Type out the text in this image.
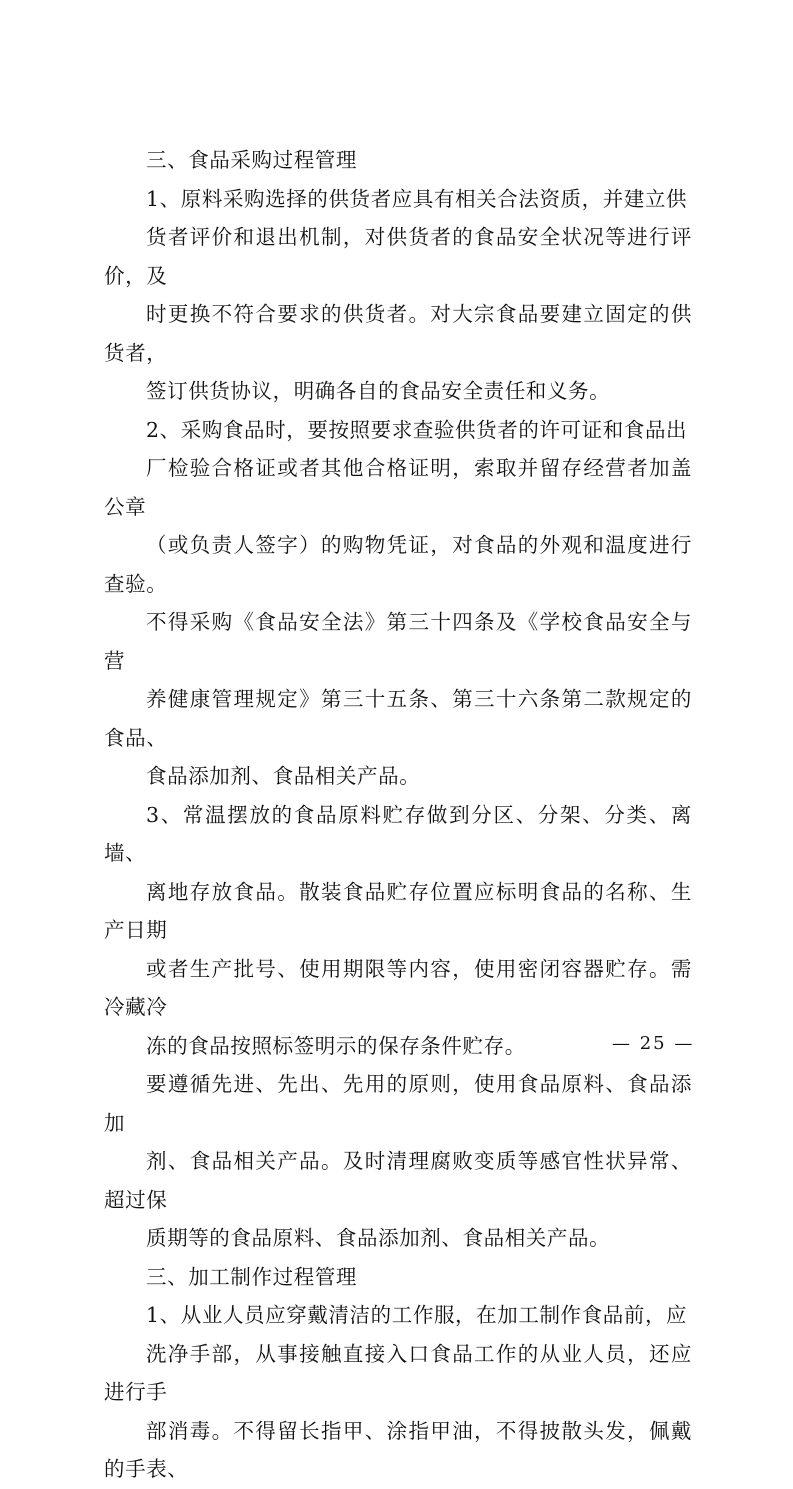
三、食品采购过程管理

1、原料采购选择的供货者应具有相关合法资质，并建立供
货者评价和退出机制，对供货者的食品安全状况等进行评价，及
时更换不符合要求的供货者。对大宗食品要建立固定的供货者，
签订供货协议，明确各自的食品安全责任和义务。

2、采购食品时，要按照要求查验供货者的许可证和食品出
厂检验合格证或者其他合格证明，索取并留存经营者加盖公章
（或负责人签字）的购物凭证，对食品的外观和温度进行查验。

不得采购《食品安全法》第三十四条及《学校食品安全与营
养健康管理规定》第三十五条、第三十六条第二款规定的食品、
食品添加剂、食品相关产品。

3、常温摆放的食品原料贮存做到分区、分架、分类、离墙、
离地存放食品。散装食品贮存位置应标明食品的名称、生产日期
或者生产批号、使用期限等内容，使用密闭容器贮存。需冷藏冷
冻的食品按照标签明示的保存条件贮存。

要遵循先进、先出、先用的原则，使用食品原料、食品添加
剂、食品相关产品。及时清理腐败变质等感官性状异常、超过保
质期等的食品原料、食品添加剂、食品相关产品。

三、加工制作过程管理

1、从业人员应穿戴清洁的工作服，在加工制作食品前，应
洗净手部，从事接触直接入口食品工作的从业人员，还应进行手
部消毒。不得留长指甲、涂指甲油，不得披散头发，佩戴的手表、

— 25 —
